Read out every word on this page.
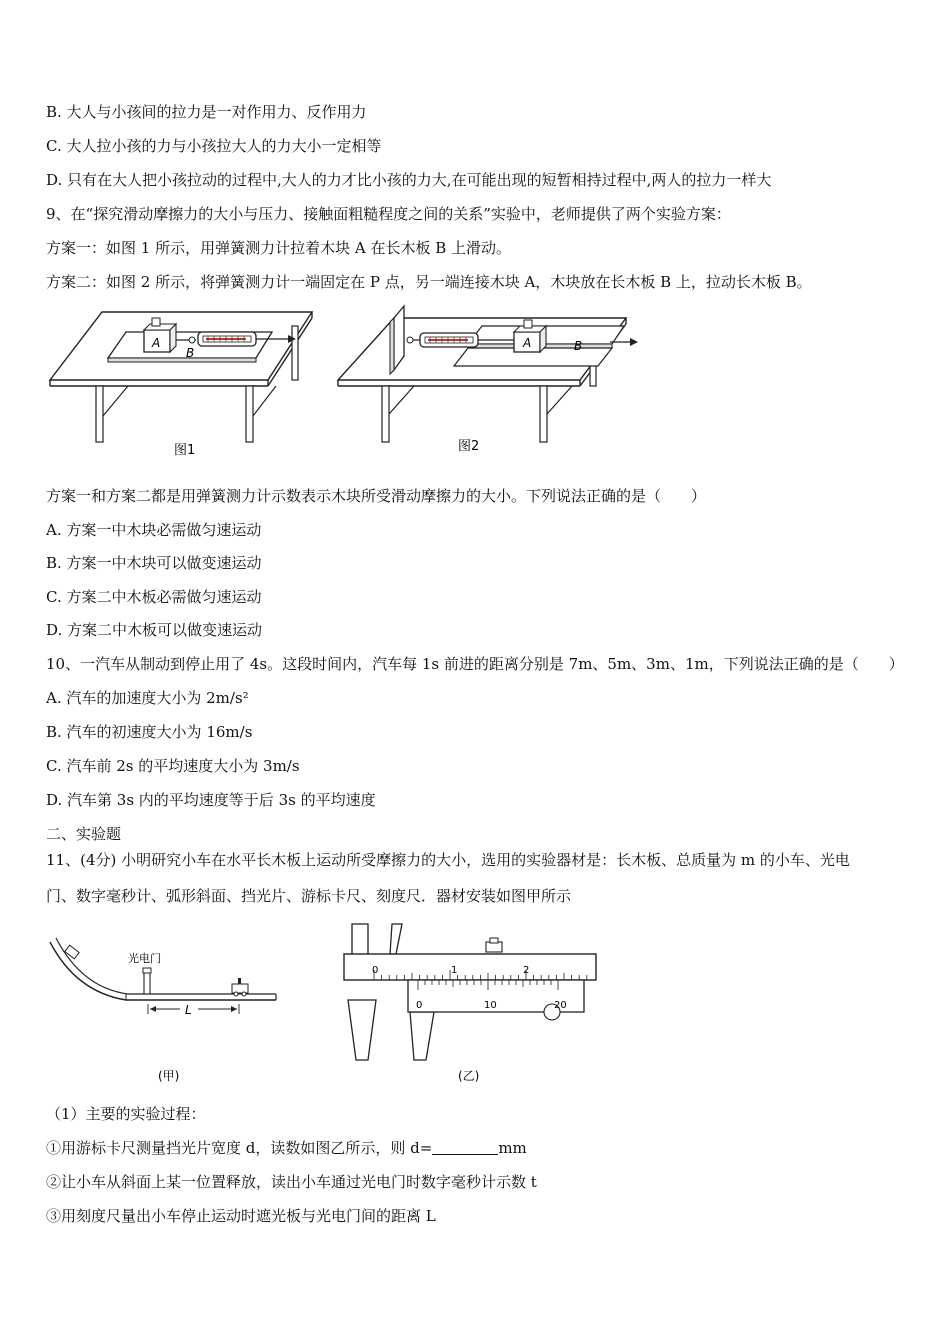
B. 大人与小孩间的拉力是一对作用力、反作用力
C. 大人拉小孩的力与小孩拉大人的力大小一定相等
D. 只有在大人把小孩拉动的过程中,大人的力才比小孩的力大,在可能出现的短暂相持过程中,两人的拉力一样大
9、在“探究滑动摩擦力的大小与压力、接触面粗糙程度之间的关系”实验中，老师提供了两个实验方案：
方案一：如图 1 所示，用弹簧测力计拉着木块 A 在长木板 B 上滑动。
方案二：如图 2 所示，将弹簧测力计一端固定在 P 点，另一端连接木块 A，木块放在长木板 B 上，拉动长木板 B。
A
B
图1
A	B
图2
方案一和方案二都是用弹簧测力计示数表示木块所受滑动摩擦力的大小。下列说法正确的是（　　）
A. 方案一中木块必需做匀速运动
B. 方案一中木块可以做变速运动
C. 方案二中木板必需做匀速运动
D. 方案二中木板可以做变速运动
10、一汽车从制动到停止用了 4s。这段时间内，汽车每 1s 前进的距离分别是 7m、5m、3m、1m，下列说法正确的是（　　）
A. 汽车的加速度大小为 2m/s²
B. 汽车的初速度大小为 16m/s
C. 汽车前 2s 的平均速度大小为 3m/s
D. 汽车第 3s 内的平均速度等于后 3s 的平均速度
二、实验题
11、(4分) 小明研究小车在水平长木板上运动所受摩擦力的大小，选用的实验器材是：长木板、总质量为 m 的小车、光电
门、数字毫秒计、弧形斜面、挡光片、游标卡尺、刻度尺．器材安装如图甲所示
光电门
L
(甲)
0	1	2
0	10	20
(乙)
（1）主要的实验过程：
①用游标卡尺测量挡光片宽度 d，读数如图乙所示，则 d=	mm
②让小车从斜面上某一位置释放，读出小车通过光电门时数字毫秒计示数 t
③用刻度尺量出小车停止运动时遮光板与光电门间的距离 L
